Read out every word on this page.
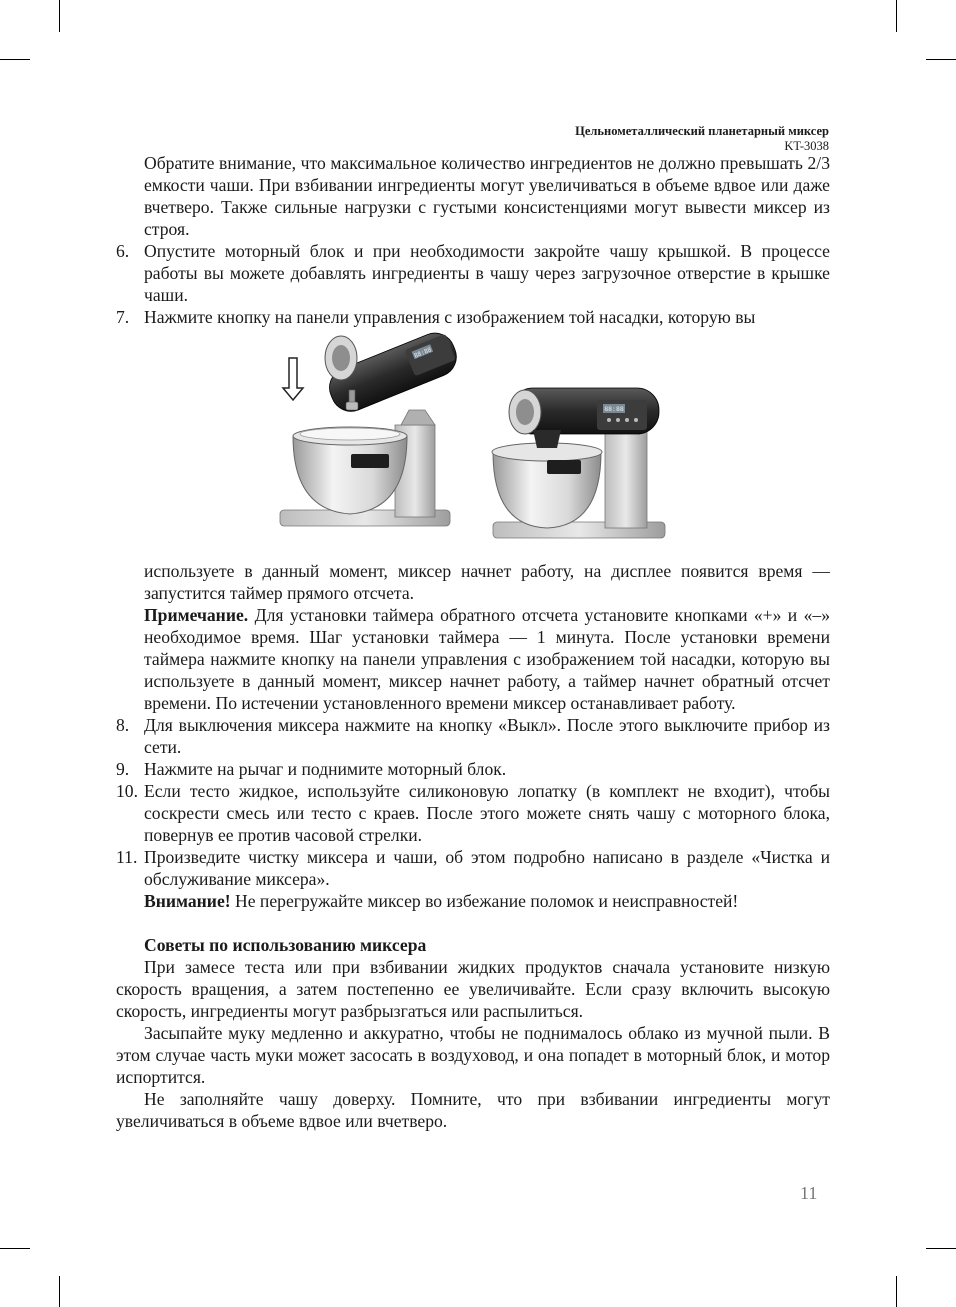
Цельнометаллический планетарный миксер
KT-3038

Обратите внимание, что максимальное количество ингредиентов не должно превышать 2/3 емкости чаши. При взбивании ингредиенты могут увеличиваться в объеме вдвое или даже вчетверо. Также сильные нагрузки с густыми консистенциями могут вывести миксер из строя.

6. Опустите моторный блок и при необходимости закройте чашу крышкой. В процессе работы вы можете добавлять ингредиенты в чашу через загрузочное отверстие в крышке чаши.
7. Нажмите кнопку на панели управления с изображением той насадки, которую вы
88:88
88:88

используете в данный момент, миксер начнет работу, на дисплее появится время — запустится таймер прямого отсчета.

Примечание. Для установки таймера обратного отсчета установите кнопками «+» и «–» необходимое время. Шаг установки таймера — 1 минута. После установки времени таймера нажмите кнопку на панели управления с изображением той насадки, которую вы используете в данный момент, миксер начнет работу, а таймер начнет обратный отсчет времени. По истечении установленного времени миксер останавливает работу.

8. Для выключения миксера нажмите на кнопку «Выкл». После этого выключите прибор из сети.
9. Нажмите на рычаг и поднимите моторный блок.
10. Если тесто жидкое, используйте силиконовую лопатку (в комплект не входит), чтобы соскрести смесь или тесто с краев. После этого можете снять чашу с моторного блока, повернув ее против часовой стрелки.
11. Произведите чистку миксера и чаши, об этом подробно написано в разделе «Чистка и обслуживание миксера».

Внимание! Не перегружайте миксер во избежание поломок и неисправностей!

Советы по использованию миксера

При замесе теста или при взбивании жидких продуктов сначала установите низкую скорость вращения, а затем постепенно ее увеличивайте. Если сразу включить высокую скорость, ингредиенты могут разбрызгаться или распылиться.

Засыпайте муку медленно и аккуратно, чтобы не поднималось облако из мучной пыли. В этом случае часть муки может засосать в воздуховод, и она попадет в моторный блок, и мотор испортится.

Не заполняйте чашу доверху. Помните, что при взбивании ингредиенты могут увеличиваться в объеме вдвое или вчетверо.

11
